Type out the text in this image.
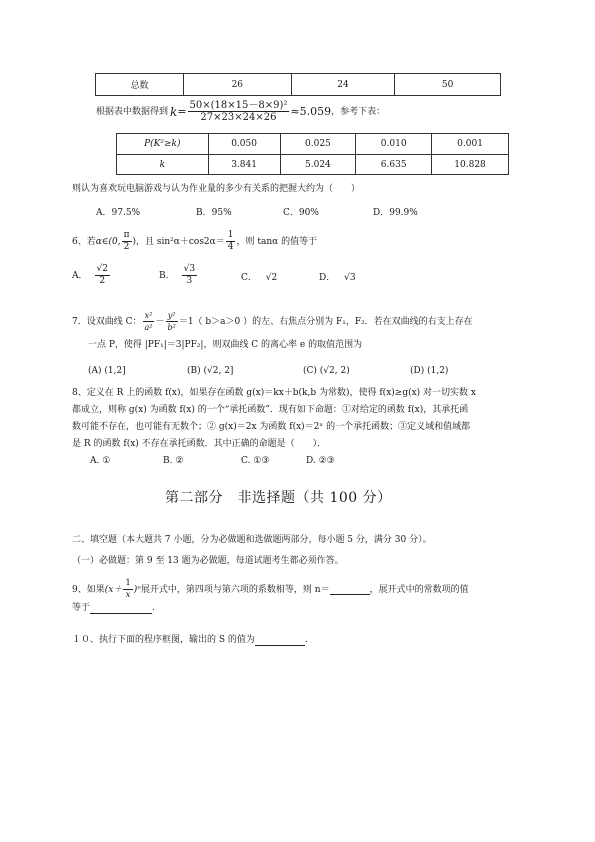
总数	26	24	50
根据表中数据得到 $k = \frac{\text{50×(18×15－8×9)²}}{27\times 23\times 24\times 26} \approx 5.059$ ，参考下表：
P(K²≥k)	0.050	0.025	0.010	0.001
k	3.841	5.024	6.635	10.828
则认为喜欢玩电脑游戏与认为作业量的多少有关系的把握大约为（　　）
A．97.5%	B．95%	C．90%	D．99.9%
6、若 α∈(0, $\frac{\pi}{2}$ ) ，且 $\sin^2\alpha+\cos 2\alpha= \frac{1}{4}$ ，则 tanα 的值等于
A． $\frac{√2}{2}$	B． $\frac{√3}{3}$	C． √2	D． √3
7．设双曲线 C： $\frac{\text{x²}}{\text{a²}} - \frac{\text{y²}}{\text{b²}} =1$（ b＞a＞0 ）的左、右焦点分别为 F₁，F₂．若在双曲线的右支上存在
一点 P，使得 |PF₁|＝3|PF₂|，则双曲线 C 的离心率 e 的取值范围为
(A) (1,2]	(B) (√2, 2]	(C) (√2, 2)	(D) (1,2)
8、定义在 R 上的函数 f(x)，如果存在函数 g(x)＝kx＋b(k,b 为常数)，使得 f(x)≥g(x) 对一切实数 x
都成立，则称 g(x) 为函数 f(x) 的一个“承托函数”．现有如下命题：①对给定的函数 f(x)，其承托函
数可能不存在，也可能有无数个；② g(x)＝2x 为函数 f(x)＝2ˣ 的一个承托函数；③定义域和值域都
是 R 的函数 f(x) 不存在承托函数．其中正确的命题是（　　）．
A. ①	B. ②	C. ①③	D. ②③
第二部分　非选择题（共 100 分）
二、填空题（本大题共 7 小题，分为必做题和选做题两部分，每小题 5 分，满分 30 分）。
（一）必做题：第 9 至 13 题为必做题，每道试题考生都必须作答。
9、如果 $(x+ \frac{1}{x} )^n$ 展开式中，第四项与第六项的系数相等，则 n＝	，展开式中的常数项的值
等于	.
１０、执行下面的程序框图，输出的 S 的值为	.
